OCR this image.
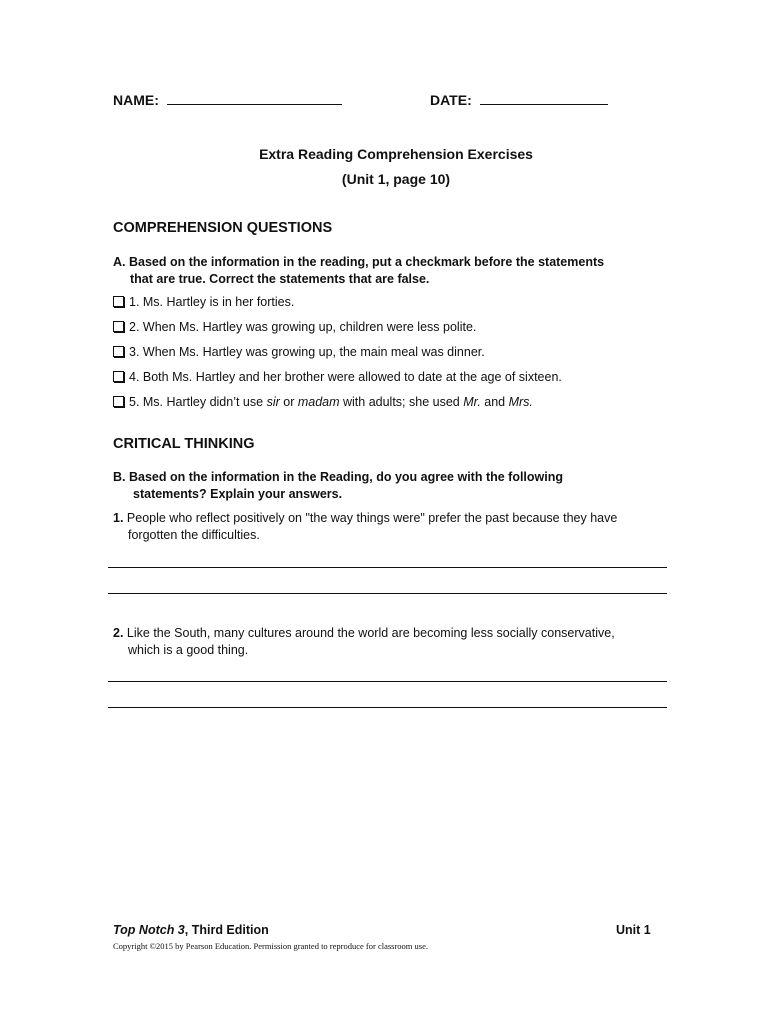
NAME:	DATE:
Extra Reading Comprehension Exercises
(Unit 1, page 10)
COMPREHENSION QUESTIONS
A. Based on the information in the reading, put a checkmark before the statements
that are true. Correct the statements that are false.
1. Ms. Hartley is in her forties.
2. When Ms. Hartley was growing up, children were less polite.
3. When Ms. Hartley was growing up, the main meal was dinner.
4. Both Ms. Hartley and her brother were allowed to date at the age of sixteen.
5. Ms. Hartley didn’t use sir or madam with adults; she used Mr. and Mrs.
CRITICAL THINKING
B. Based on the information in the Reading, do you agree with the following
statements? Explain your answers.
1. People who reflect positively on "the way things were" prefer the past because they have
forgotten the difficulties.
2. Like the South, many cultures around the world are becoming less socially conservative,
which is a good thing.
Top Notch 3, Third Edition	Unit 1
Copyright ©2015 by Pearson Education. Permission granted to reproduce for classroom use.
